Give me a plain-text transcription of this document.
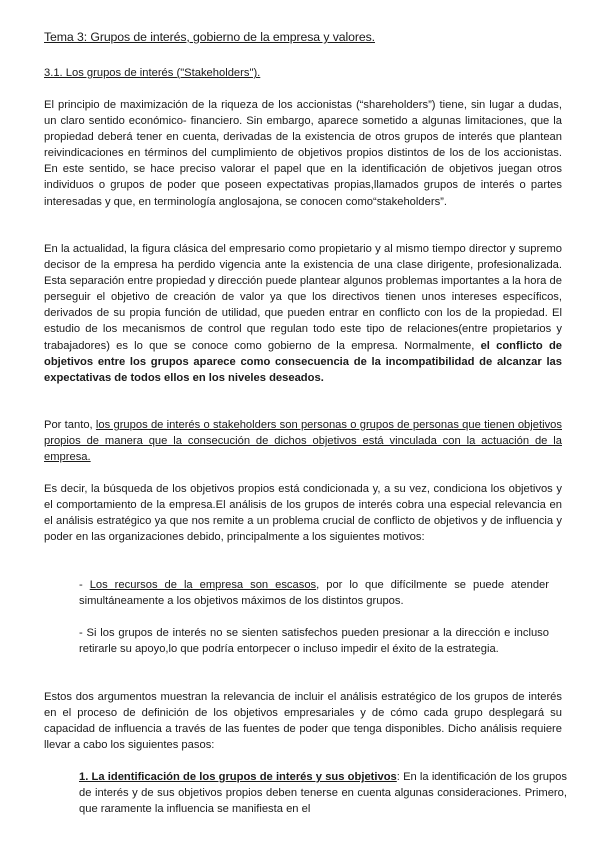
Tema 3: Grupos de interés, gobierno de la empresa y valores.
3.1. Los grupos de interés ("Stakeholders").

El principio de maximización de la riqueza de los accionistas (“shareholders”) tiene, sin lugar a dudas, un claro sentido económico- financiero. Sin embargo, aparece sometido a algunas limitaciones, que la propiedad deberá tener en cuenta, derivadas de la existencia de otros grupos de interés que plantean reivindicaciones en términos del cumplimiento de objetivos propios distintos de los de los accionistas. En este sentido, se hace preciso valorar el papel que en la identificación de objetivos juegan otros individuos o grupos de poder que poseen expectativas propias,llamados grupos de interés o partes interesadas y que, en terminología anglosajona, se conocen como“stakeholders”.

En la actualidad, la figura clásica del empresario como propietario y al mismo tiempo director y supremo decisor de la empresa ha perdido vigencia ante la existencia de una clase dirigente, profesionalizada. Esta separación entre propiedad y dirección puede plantear algunos problemas importantes a la hora de perseguir el objetivo de creación de valor ya que los directivos tienen unos intereses específicos, derivados de su propia función de utilidad, que pueden entrar en conflicto con los de la propiedad. El estudio de los mecanismos de control que regulan todo este tipo de relaciones(entre propietarios y trabajadores) es lo que se conoce como gobierno de la empresa. Normalmente, el conflicto de objetivos entre los grupos aparece como consecuencia de la incompatibilidad de alcanzar las expectativas de todos ellos en los niveles deseados.

Por tanto, los grupos de interés o stakeholders son personas o grupos de personas que tienen objetivos propios de manera que la consecución de dichos objetivos está vinculada con la actuación de la empresa.

Es decir, la búsqueda de los objetivos propios está condicionada y, a su vez, condiciona los objetivos y el comportamiento de la empresa.El análisis de los grupos de interés cobra una especial relevancia en el análisis estratégico ya que nos remite a un problema crucial de conflicto de objetivos y de influencia y poder en las organizaciones debido, principalmente a los siguientes motivos:

- Los recursos de la empresa son escasos, por lo que difícilmente se puede atender simultáneamente a los objetivos máximos de los distintos grupos.

- Si los grupos de interés no se sienten satisfechos pueden presionar a la dirección e incluso retirarle su apoyo,lo que podría entorpecer o incluso impedir el éxito de la estrategia.

Estos dos argumentos muestran la relevancia de incluir el análisis estratégico de los grupos de interés en el proceso de definición de los objetivos empresariales y de cómo cada grupo desplegará su capacidad de influencia a través de las fuentes de poder que tenga disponibles. Dicho análisis requiere llevar a cabo los siguientes pasos:

1. La identificación de los grupos de interés y sus objetivos: En la identificación de los grupos de interés y de sus objetivos propios deben tenerse en cuenta algunas consideraciones. Primero, que raramente la influencia se manifiesta en el
